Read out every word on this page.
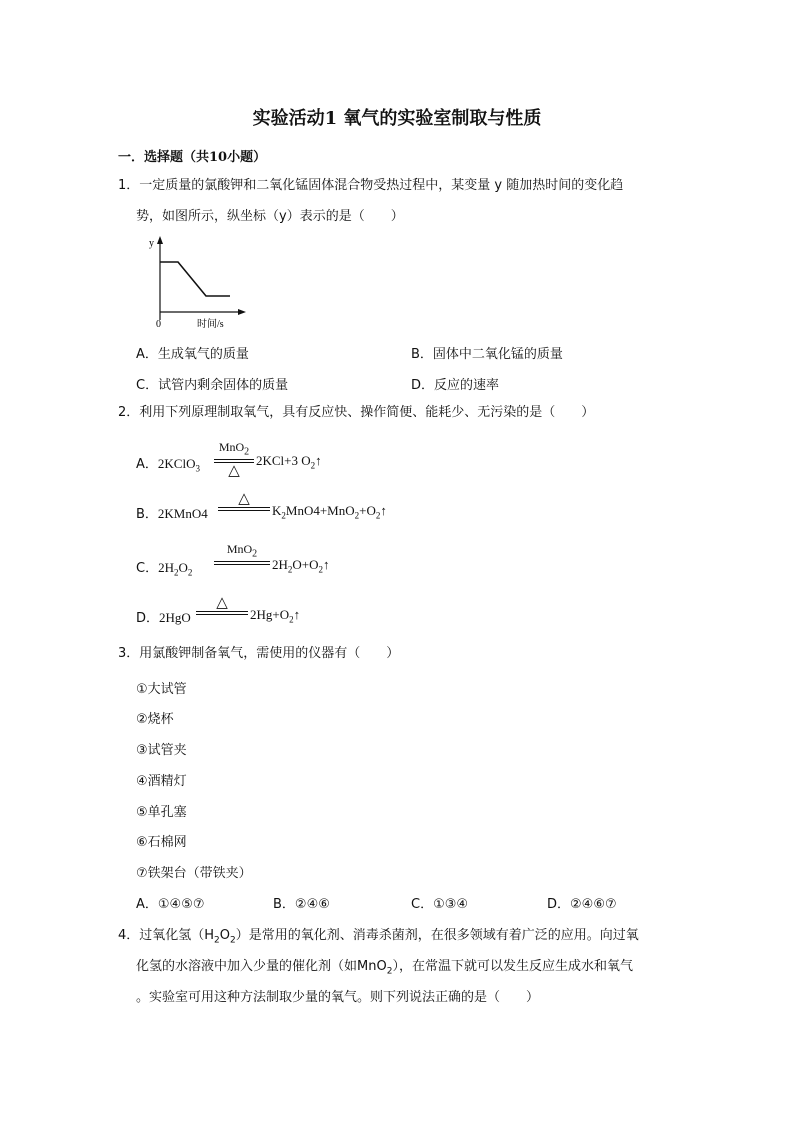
实验活动1 氧气的实验室制取与性质
一．选择题（共10小题）
1．一定质量的氯酸钾和二氧化锰固体混合物受热过程中，某变量 y 随加热时间的变化趋
势，如图所示，纵坐标（y）表示的是（　　）
y
0	时间/s
A．生成氧气的质量	B．固体中二氧化锰的质量
C．试管内剩余固体的质量	D．反应的速率
2．利用下列原理制取氧气，具有反应快、操作简便、能耗少、无污染的是（　　）
A．2KClO$_3$
MnO$_2$
△
2KCl+3 $O_2↑$
B．2KMnO4
△
$K_2MnO4+MnO_2+O_2↑$
C．$2H_2O_2$
MnO$_2$
$2H_2O+O_2↑$
D．2HgO
△
$2Hg+O_2↑$
3．用氯酸钾制备氧气，需使用的仪器有（　　）
①大试管
②烧杯
③试管夹
④酒精灯
⑤单孔塞
⑥石棉网
⑦铁架台（带铁夹）
A．①④⑤⑦	B．②④⑥	C．①③④	D．②④⑥⑦
4．过氧化氢$(H_2O_2)$是常用的氧化剂、消毒杀菌剂，在很多领域有着广泛的应用。向过氧
化氢的水溶液中加入少量的催化剂（如MnO$_2$），在常温下就可以发生反应生成水和氧气
。实验室可用这种方法制取少量的氧气。则下列说法正确的是（　　）
